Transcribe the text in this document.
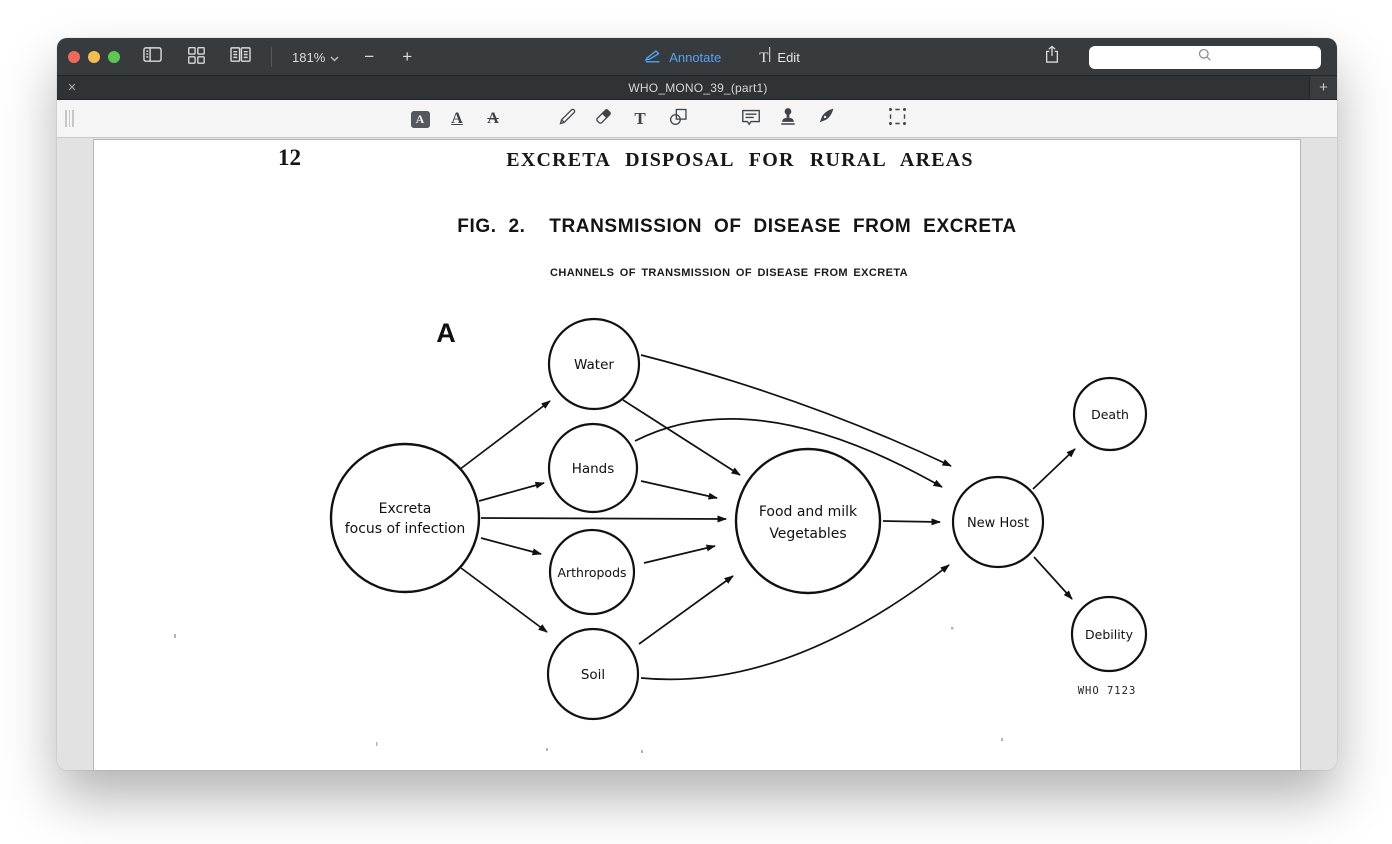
181%	−	+	Annotate	T Edit
✕	WHO_MONO_39_(part1)	+
A	A A	T
12	EXCRETA DISPOSAL FOR RURAL AREAS
FIG. 2.  TRANSMISSION OF DISEASE FROM EXCRETA
CHANNELS OF TRANSMISSION OF DISEASE FROM EXCRETA
A
Excreta
focus of infection
Water
Hands
Arthropods
Soil
Food and milk
Vegetables
New Host
Death
Debility
WHO 7123
